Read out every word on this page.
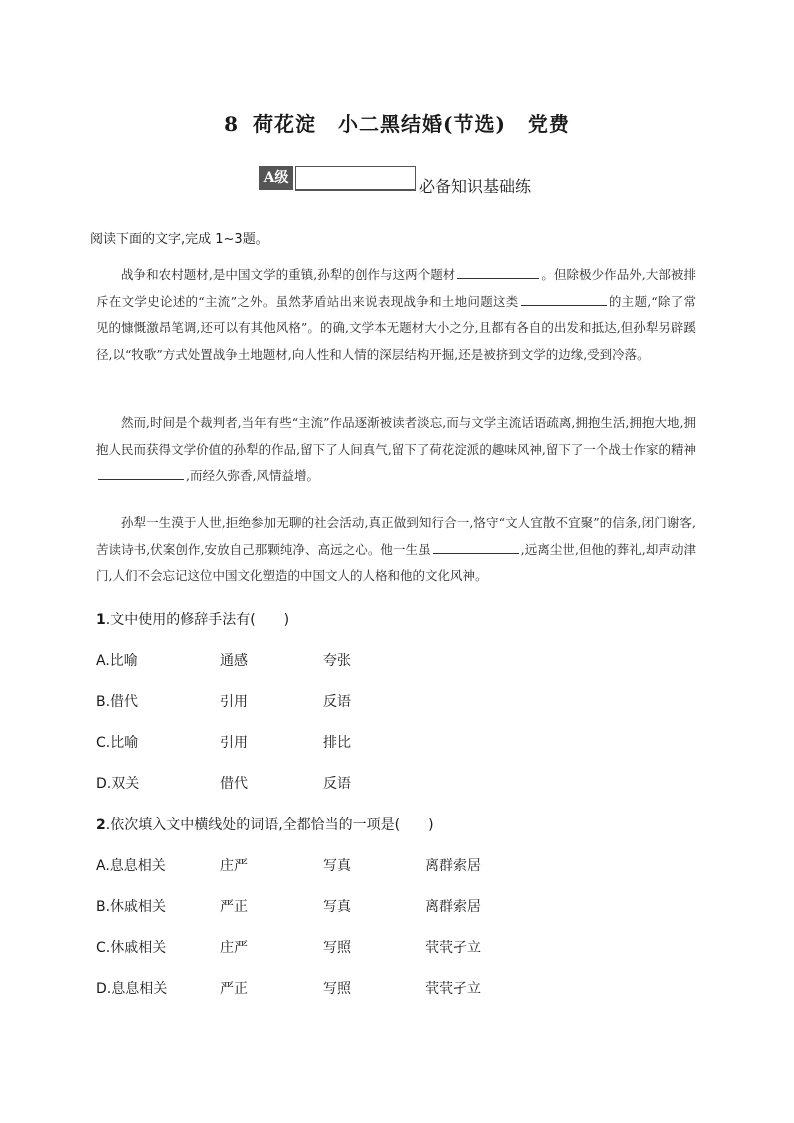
8 荷花淀 小二黑结婚(节选) 党费
A级	必备知识基础练
阅读下面的文字,完成 1~3题。

战争和农村题材,是中国文学的重镇,孙犁的创作与这两个题材	。但除极少作品外,大部被排斥在文学史论述的“主流”之外。虽然茅盾站出来说表现战争和土地问题这类	的主题,“除了常见的慷慨激昂笔调,还可以有其他风格”。的确,文学本无题材大小之分,且都有各自的出发和抵达,但孙犁另辟蹊径,以“牧歌”方式处置战争土地题材,向人性和人情的深层结构开掘,还是被挤到文学的边缘,受到冷落。

然而,时间是个裁判者,当年有些“主流”作品逐渐被读者淡忘,而与文学主流话语疏离,拥抱生活,拥抱大地,拥抱人民而获得文学价值的孙犁的作品,留下了人间真气,留下了荷花淀派的趣味风神,留下了一个战士作家的精神,而经久弥香,风情益增。

孙犁一生漠于人世,拒绝参加无聊的社会活动,真正做到知行合一,恪守“文人宜散不宜聚”的信条,闭门谢客,苦读诗书,伏案创作,安放自己那颗纯净、高远之心。他一生虽	,远离尘世,但他的葬礼,却声动津门,人们不会忘记这位中国文化塑造的中国文人的人格和他的文化风神。

1.文中使用的修辞手法有(　　)
A.比喻	通感	夸张
B.借代	引用	反语
C.比喻	引用	排比
D.双关	借代	反语
2.依次填入文中横线处的词语,全都恰当的一项是(　　)
A.息息相关	庄严	写真	离群索居
B.休戚相关	严正	写真	离群索居
C.休戚相关	庄严	写照	茕茕孑立
D.息息相关	严正	写照	茕茕孑立
